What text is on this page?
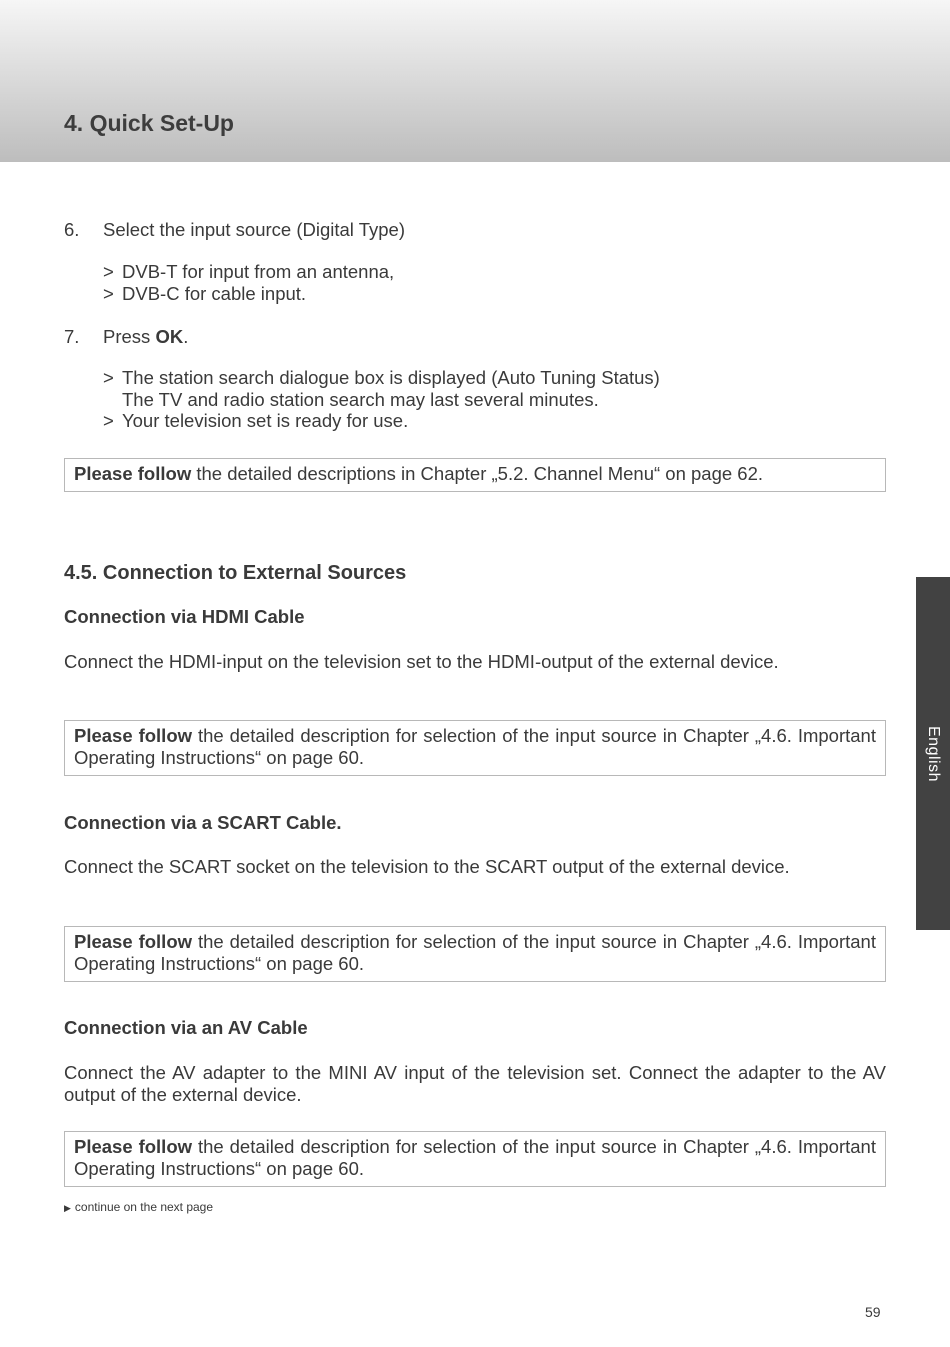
4. Quick Set-Up
English
6. Select the input source (Digital Type)
> DVB-T for input from an antenna,
> DVB-C for cable input.
7. Press OK.
> The station search dialogue box is displayed (Auto Tuning Status)
The TV and radio station search may last several minutes.
> Your television set is ready for use.
Please follow the detailed descriptions in Chapter „5.2. Channel Menu“ on page 62.
4.5. Connection to External Sources
Connection via HDMI Cable

Connect the HDMI-input on the television set to the HDMI-output of the external device.

Please follow the detailed description for selection of the input source in Chapter „4.6. Important Operating Instructions“ on page 60.
Connection via a SCART Cable.

Connect the SCART socket on the television to the SCART output of the external device.

Please follow the detailed description for selection of the input source in Chapter „4.6. Important Operating Instructions“ on page 60.
Connection via an AV Cable

Connect the AV adapter to the MINI AV input of the television set. Connect the adapter to the AV output of the external device.

Please follow the detailed description for selection of the input source in Chapter „4.6. Important Operating Instructions“ on page 60.
▶ continue on the next page
59
